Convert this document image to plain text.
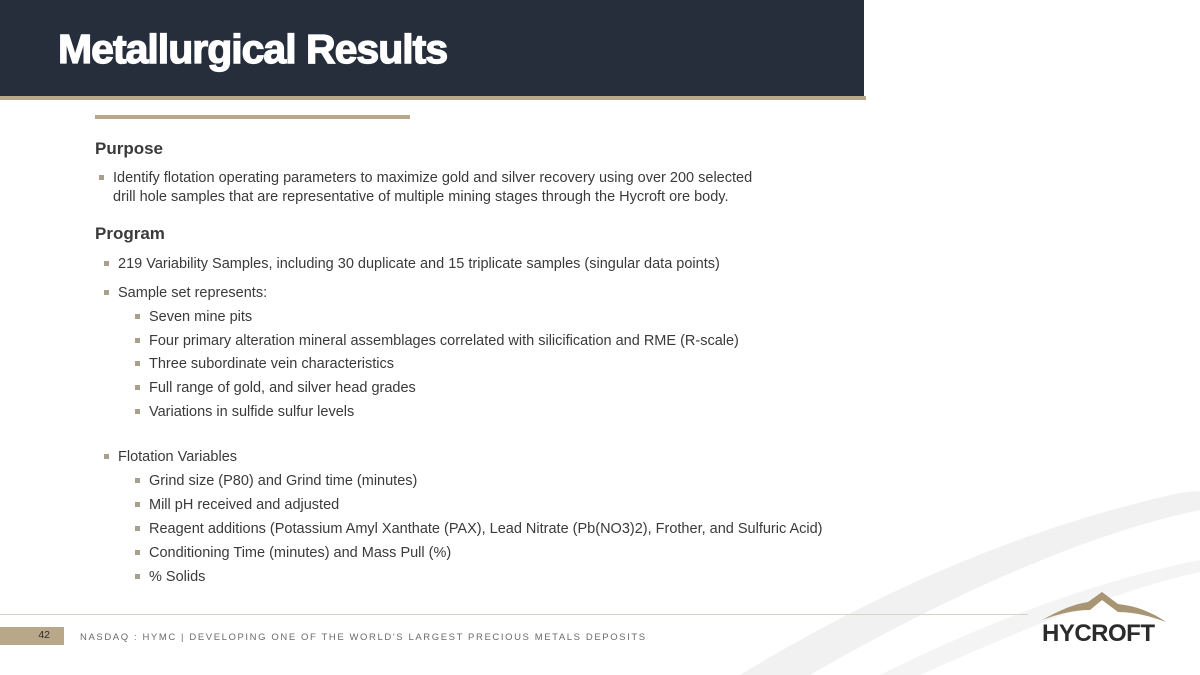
Metallurgical Results
Purpose
Identify flotation operating parameters to maximize gold and silver recovery using over 200 selected
drill hole samples that are representative of multiple mining stages through the Hycroft ore body.
Program
219 Variability Samples, including 30 duplicate and 15 triplicate samples (singular data points)
Sample set represents:
Seven mine pits
Four primary alteration mineral assemblages correlated with silicification and RME (R-scale)
Three subordinate vein characteristics
Full range of gold, and silver head grades
Variations in sulfide sulfur levels
Flotation Variables
Grind size (P80) and Grind time (minutes)
Mill pH received and adjusted
Reagent additions (Potassium Amyl Xanthate (PAX), Lead Nitrate (Pb(NO3)2), Frother, and Sulfuric Acid)
Conditioning Time (minutes) and Mass Pull (%)
% Solids
42	NASDAQ : HYMC | DEVELOPING ONE OF THE WORLD'S LARGEST PRECIOUS METALS DEPOSITS	HYCROFT
